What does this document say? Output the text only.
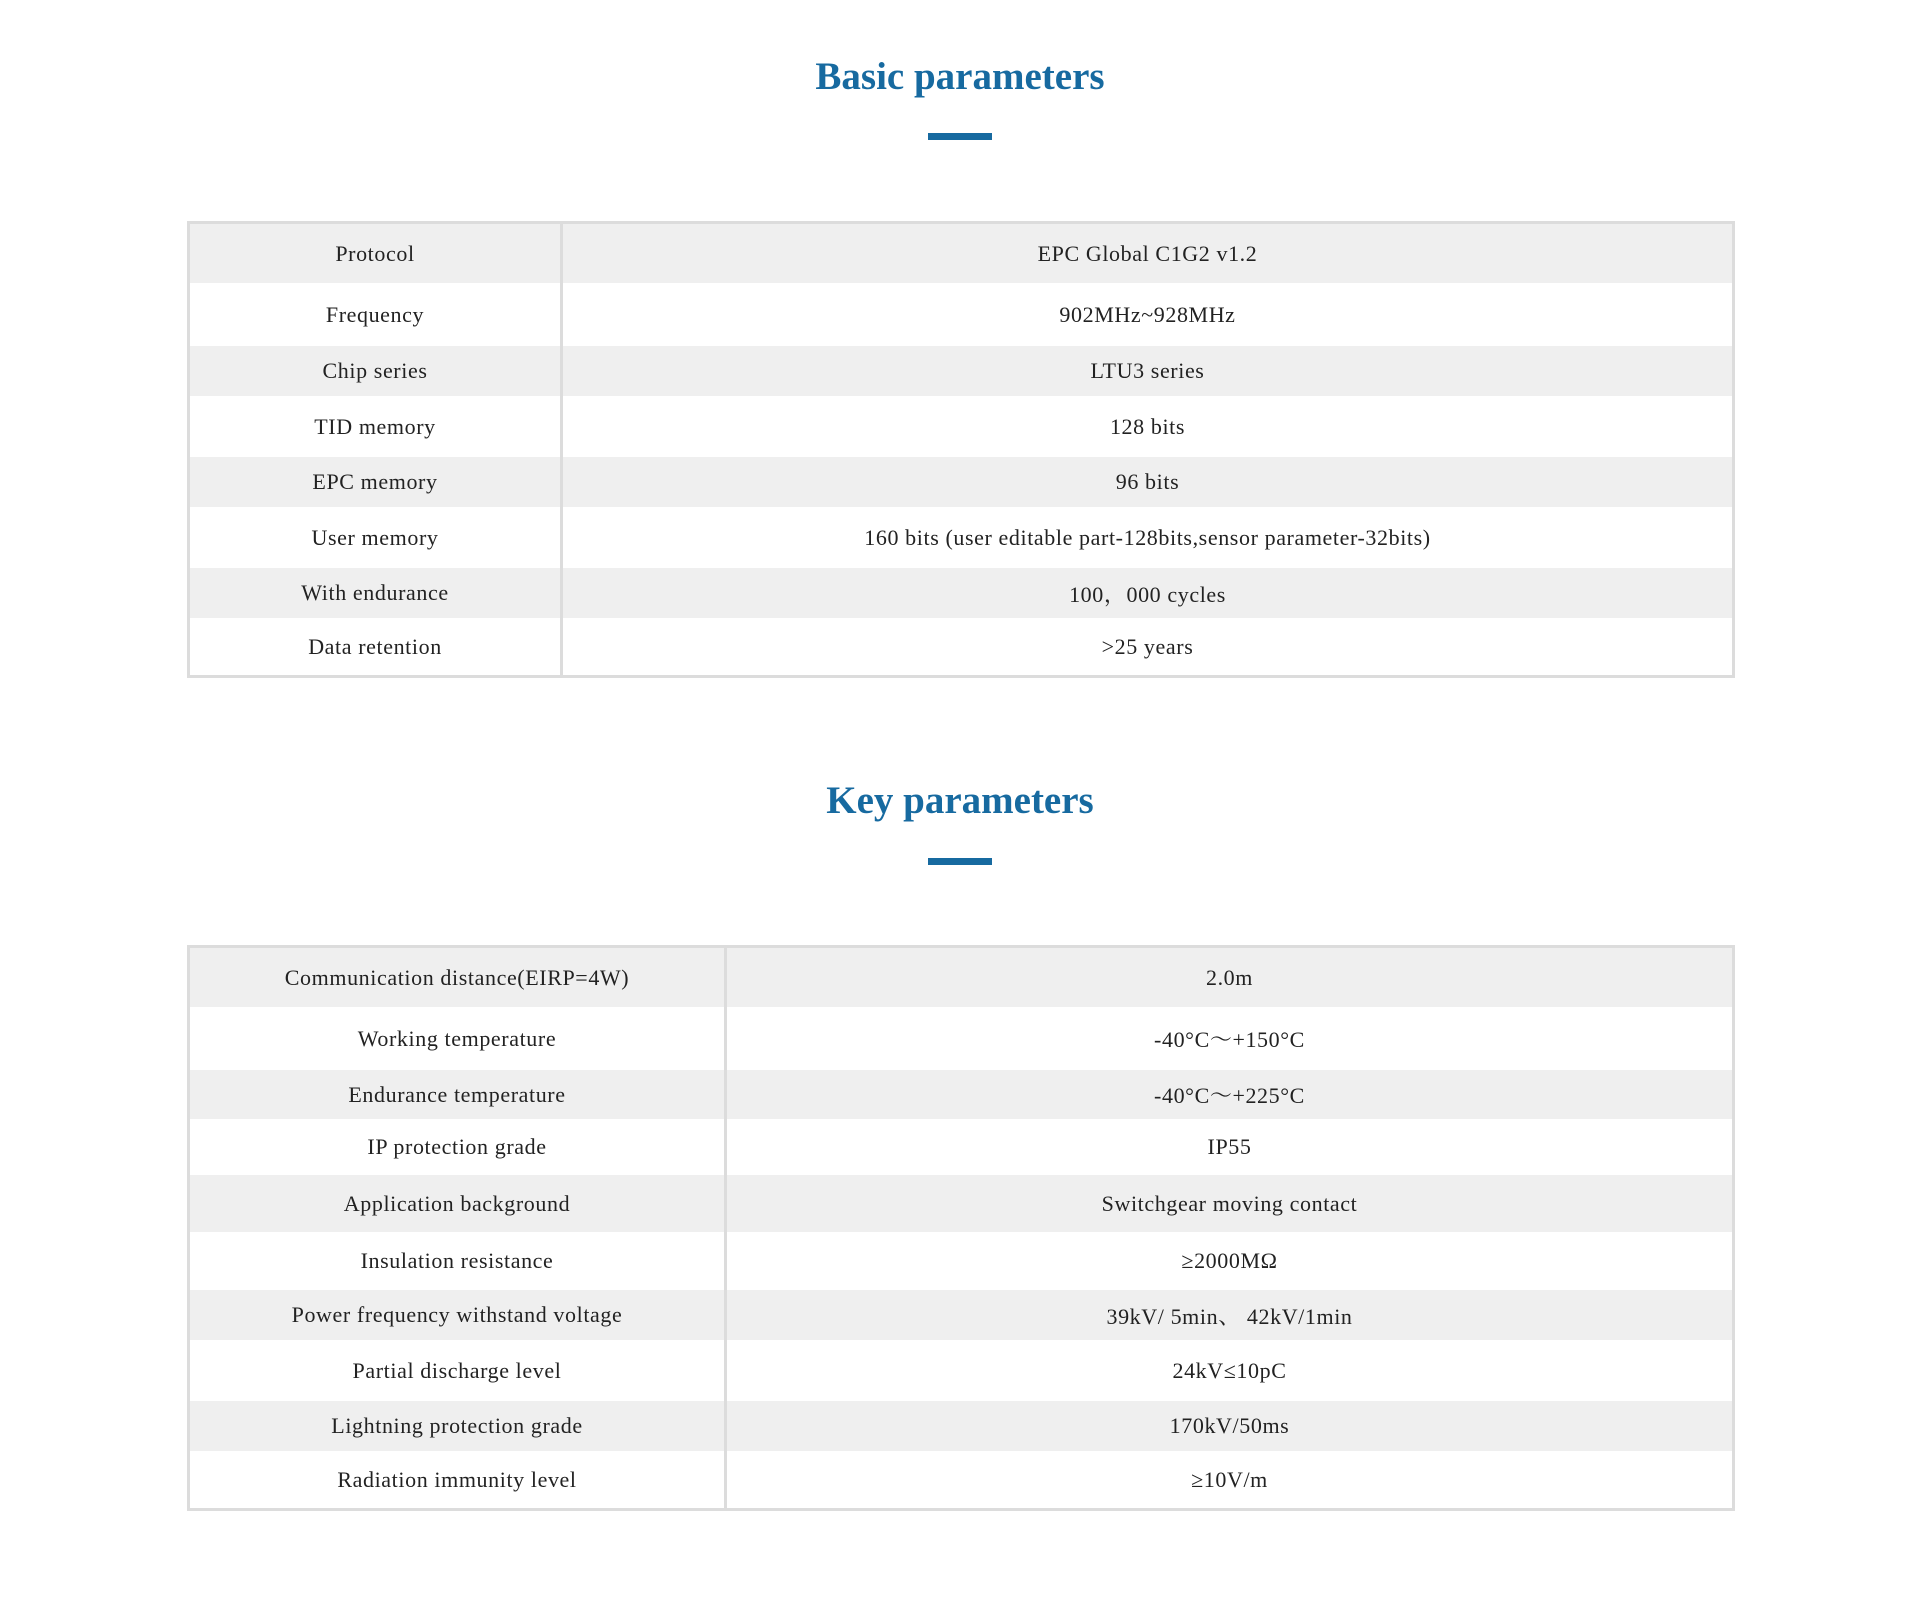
Basic parameters
Protocol	EPC Global C1G2 v1.2
Frequency	902MHz~928MHz
Chip series	LTU3 series
TID memory	128 bits
EPC memory	96 bits
User memory	160 bits (user editable part-128bits,sensor parameter-32bits)
With endurance	100，000 cycles
Data retention	>25 years
Key parameters
Communication distance(EIRP=4W)	2.0m
Working temperature	-40°C～+150°C
Endurance temperature	-40°C～+225°C
IP protection grade	IP55
Application background	Switchgear moving contact
Insulation resistance	≥2000MΩ
Power frequency withstand voltage	39kV/ 5min、 42kV/1min
Partial discharge level	24kV≤10pC
Lightning protection grade	170kV/50ms
Radiation immunity level	≥10V/m
